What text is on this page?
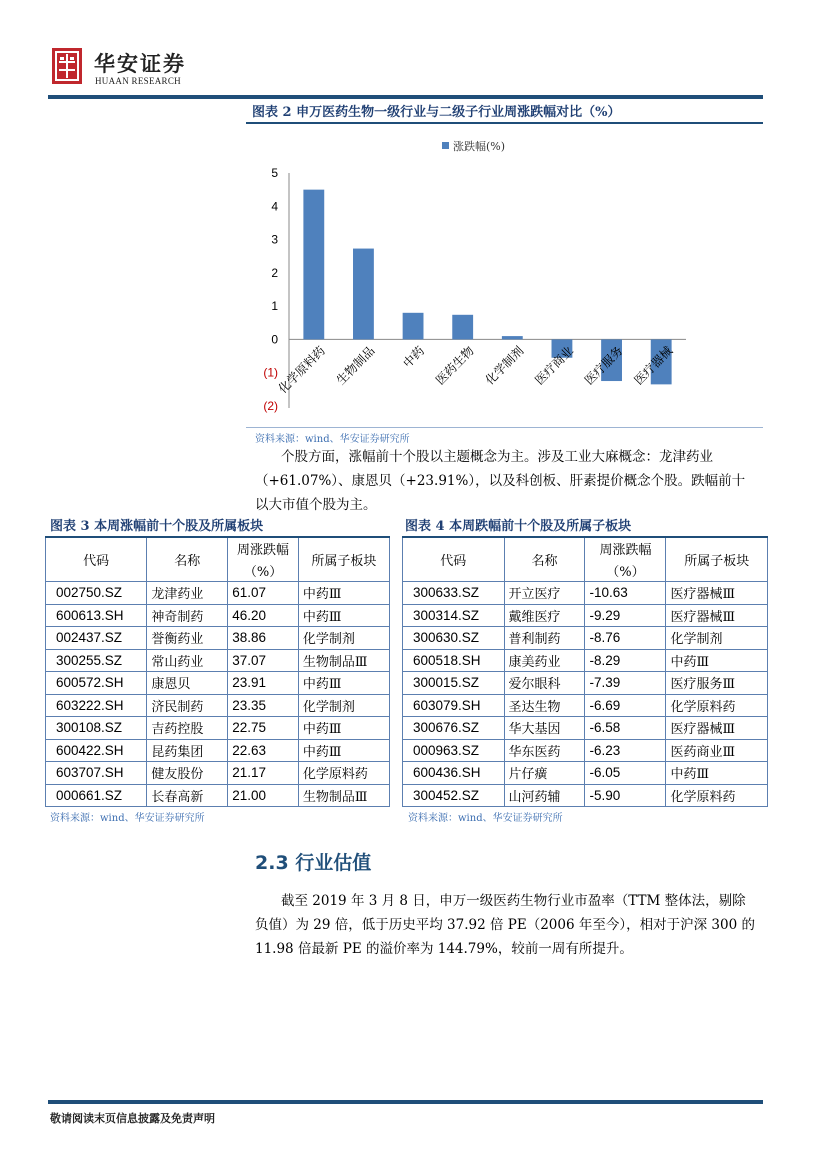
华安证券
HUAAN RESEARCH
图表 2 申万医药生物一级行业与二级子行业周涨跌幅对比（%）
涨跌幅(%)
5
4
3
2
1
0
(1)
(2)
化学原料药 生物制品 中药 医药生物 化学制剂 医疗商业 医疗服务 医疗器械
资料来源：wind、华安证券研究所
个股方面，涨幅前十个股以主题概念为主。涉及工业大麻概念：龙津药业
（+61.07%）、康恩贝（+23.91%），以及科创板、肝素提价概念个股。跌幅前十
以大市值个股为主。
图表 3 本周涨幅前十个股及所属板块
代码	名称	周涨跌幅	所属子板块
		（%）	
002750.SZ	龙津药业	61.07	中药Ⅲ
600613.SH	神奇制药	46.20	中药Ⅲ
002437.SZ	誉衡药业	38.86	化学制剂
300255.SZ	常山药业	37.07	生物制品Ⅲ
600572.SH	康恩贝	23.91	中药Ⅲ
603222.SH	济民制药	23.35	化学制剂
300108.SZ	吉药控股	22.75	中药Ⅲ
600422.SH	昆药集团	22.63	中药Ⅲ
603707.SH	健友股份	21.17	化学原料药
000661.SZ	长春高新	21.00	生物制品Ⅲ
资料来源：wind、华安证券研究所
图表 4 本周跌幅前十个股及所属子板块
代码	名称	周涨跌幅	所属子板块
		（%）	
300633.SZ	开立医疗	-10.63	医疗器械Ⅲ
300314.SZ	戴维医疗	-9.29	医疗器械Ⅲ
300630.SZ	普利制药	-8.76	化学制剂
600518.SH	康美药业	-8.29	中药Ⅲ
300015.SZ	爱尔眼科	-7.39	医疗服务Ⅲ
603079.SH	圣达生物	-6.69	化学原料药
300676.SZ	华大基因	-6.58	医疗器械Ⅲ
000963.SZ	华东医药	-6.23	医药商业Ⅲ
600436.SH	片仔癀	-6.05	中药Ⅲ
300452.SZ	山河药辅	-5.90	化学原料药
资料来源：wind、华安证券研究所
2.3 行业估值
截至 2019 年 3 月 8 日，申万一级医药生物行业市盈率（TTM 整体法，剔除
负值）为 29 倍，低于历史平均 37.92 倍 PE（2006 年至今），相对于沪深 300 的
11.98 倍最新 PE 的溢价率为 144.79%，较前一周有所提升。
敬请阅读末页信息披露及免责声明
